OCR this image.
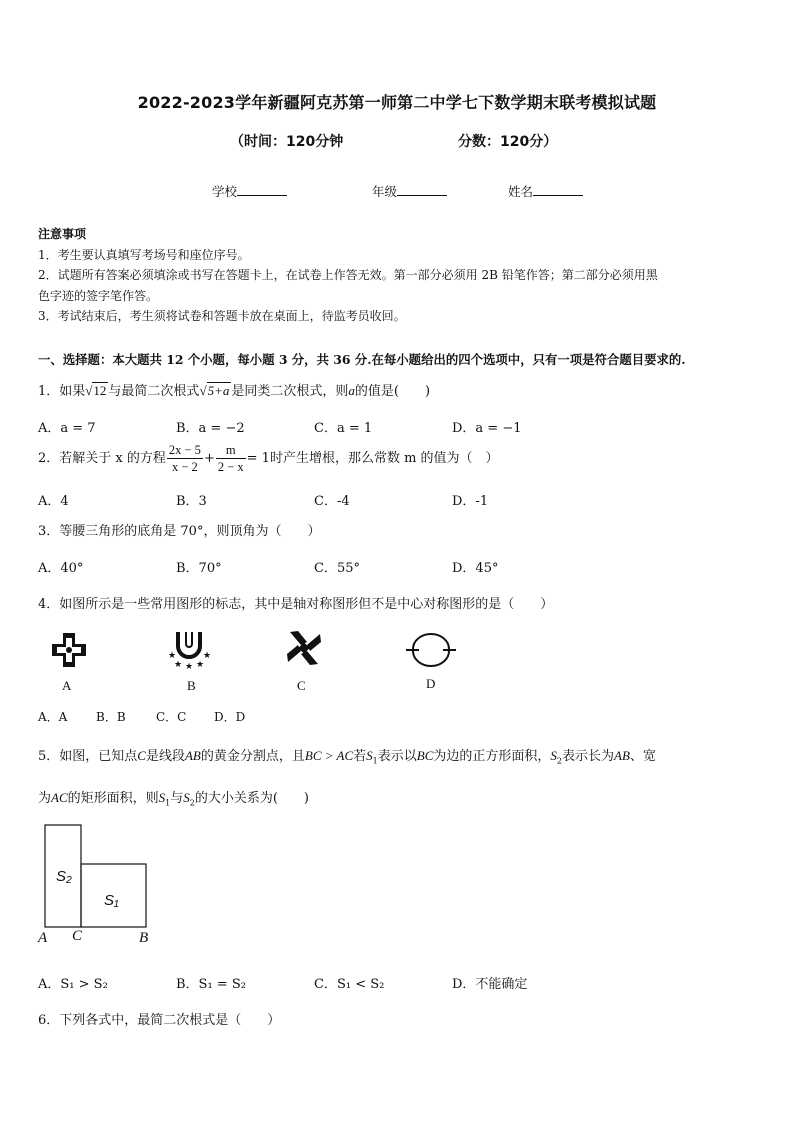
2022-2023学年新疆阿克苏第一师第二中学七下数学期末联考模拟试题
（时间：120分钟	分数：120分）
学校	年级	姓名
注意事项
1．考生要认真填写考场号和座位序号。
2．试题所有答案必须填涂或书写在答题卡上，在试卷上作答无效。第一部分必须用 2B 铅笔作答；第二部分必须用黑
色字迹的签字笔作答。
3．考试结束后，考生须将试卷和答题卡放在桌面上，待监考员收回。
一、选择题：本大题共 12 个小题，每小题 3 分，共 36 分.在每小题给出的四个选项中，只有一项是符合题目要求的.
1．如果√12 与最简二次根式√5+a 是同类二次根式，则a的值是(　　)
A．a = 7	B．a = −2	C．a = 1	D．a = −1
2．若解关于 x 的方程 $\frac{2x - 5}{x - 2} + \frac{m}{2 - x} = 1$时产生增根，那么常数 m 的值为（　）
A．4	B．3	C．-4	D．-1
3．等腰三角形的底角是 70°，则顶角为（　　）
A．40°	B．70°	C．55°	D．45°
4．如图所示是一些常用图形的标志，其中是轴对称图形但不是中心对称图形的是（　　）
★	★
★ ★ ★
A	B	C	D
A．A B．B	C．C D．D
5．如图，已知点C是线段AB的黄金分割点，且BC > AC若$S_1$表示以BC为边的正方形面积，$S_2$表示长为AB、宽
为AC的矩形面积，则$S_1$与$S_2$的大小关系为(　　)
S₂
S₁
A C	B
A．S₁ > S₂	B．S₁ = S₂	C．S₁ < S₂	D．不能确定
6．下列各式中，最简二次根式是（　　）
